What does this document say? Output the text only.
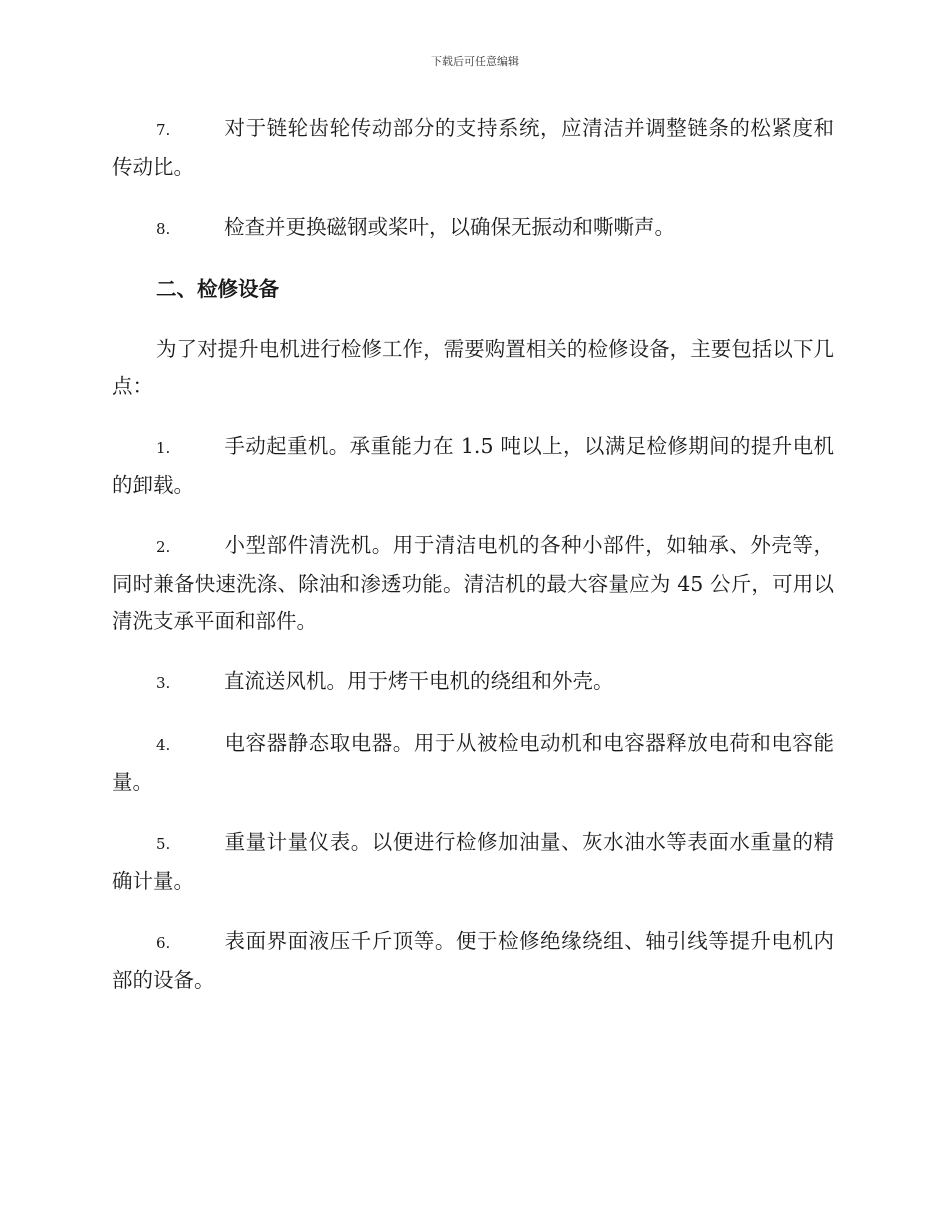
下载后可任意编辑

7.	对于链轮齿轮传动部分的支持系统，应清洁并调整链条的松紧度和传动比。

8.	检查并更换磁钢或桨叶，以确保无振动和嘶嘶声。

二、检修设备

为了对提升电机进行检修工作，需要购置相关的检修设备，主要包括以下几点：

1.	手动起重机。承重能力在 1.5 吨以上，以满足检修期间的提升电机的卸载。

2.	小型部件清洗机。用于清洁电机的各种小部件，如轴承、外壳等，同时兼备快速洗涤、除油和渗透功能。清洁机的最大容量应为 45 公斤，可用以清洗支承平面和部件。

3.	直流送风机。用于烤干电机的绕组和外壳。

4.	电容器静态取电器。用于从被检电动机和电容器释放电荷和电容能量。

5.	重量计量仪表。以便进行检修加油量、灰水油水等表面水重量的精确计量。

6.	表面界面液压千斤顶等。便于检修绝缘绕组、轴引线等提升电机内部的设备。
